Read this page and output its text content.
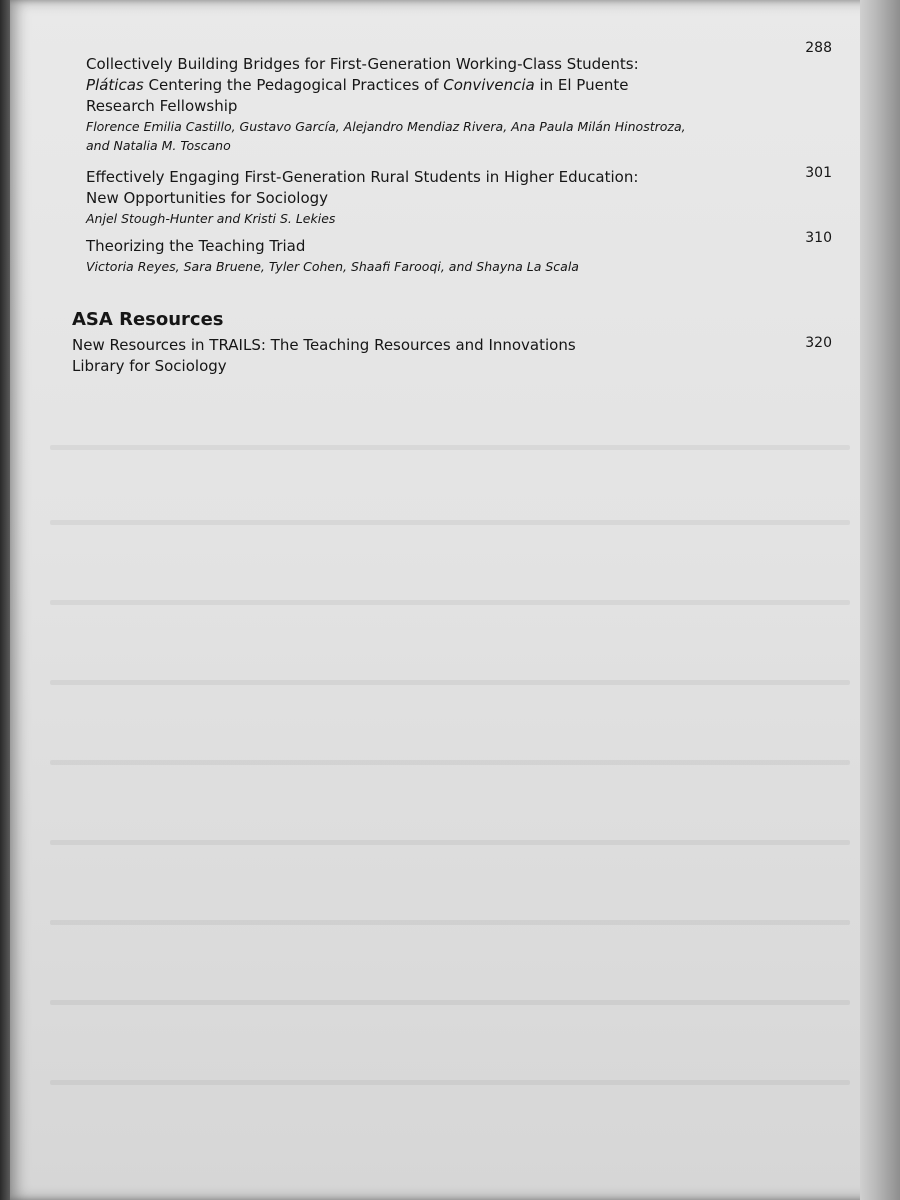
Collectively Building Bridges for First-Generation Working-Class Students:
Pláticas Centering the Pedagogical Practices of Convivencia in El Puente
Research Fellowship
Florence Emilia Castillo, Gustavo García, Alejandro Mendiaz Rivera, Ana Paula Milán Hinostroza,
and Natalia M. Toscano
288
Effectively Engaging First-Generation Rural Students in Higher Education:
New Opportunities for Sociology
Anjel Stough-Hunter and Kristi S. Lekies
301
Theorizing the Teaching Triad
Victoria Reyes, Sara Bruene, Tyler Cohen, Shaafi Farooqi, and Shayna La Scala
310
ASA Resources
New Resources in TRAILS: The Teaching Resources and Innovations
Library for Sociology
320
